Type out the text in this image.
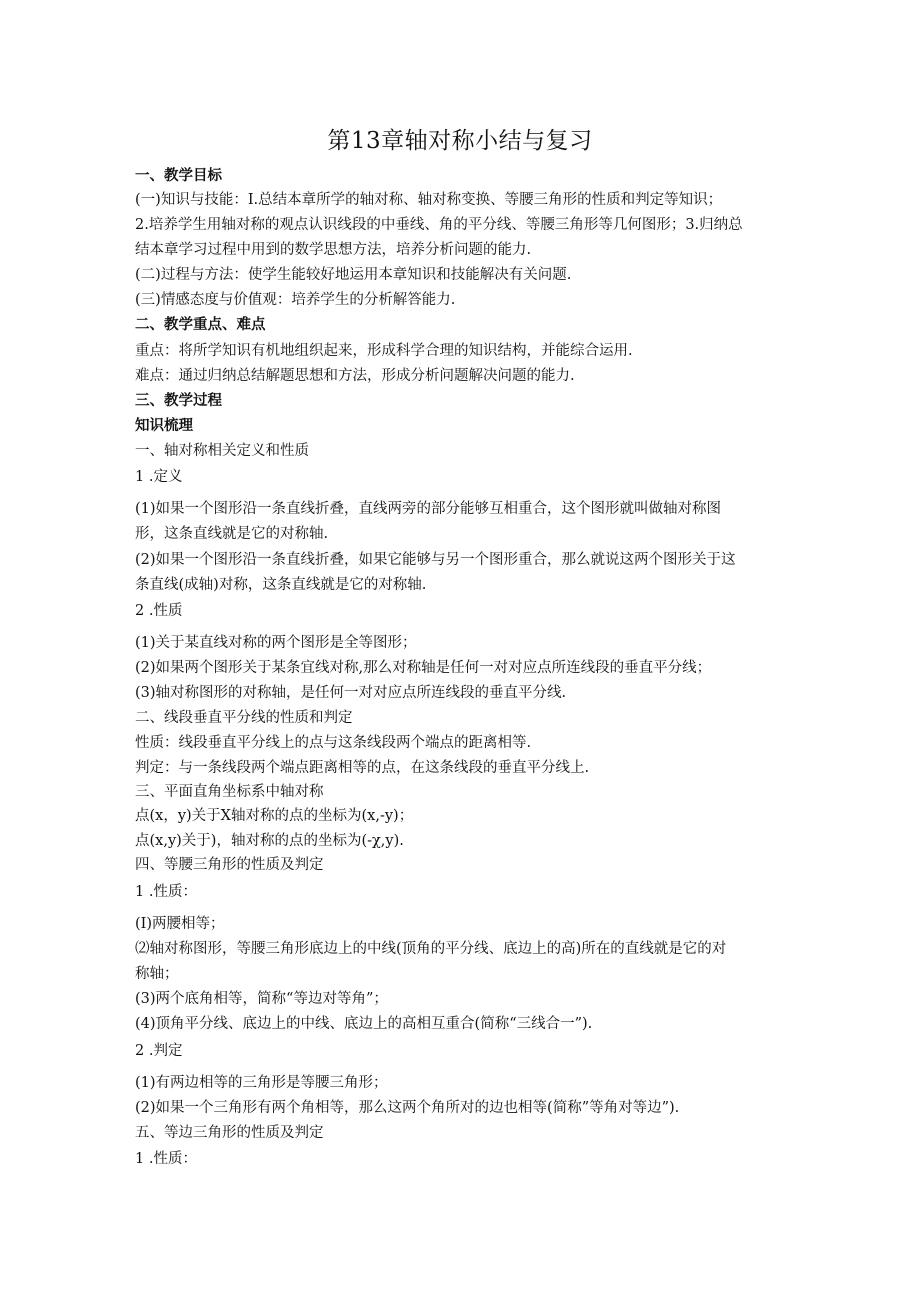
第13章轴对称小结与复习
一、教学目标
(一)知识与技能：I.总结本章所学的轴对称、轴对称变换、等腰三角形的性质和判定等知识；
2.培养学生用轴对称的观点认识线段的中垂线、角的平分线、等腰三角形等几何图形；3.归纳总
结本章学习过程中用到的数学思想方法，培养分析问题的能力.
(二)过程与方法：使学生能较好地运用本章知识和技能解决有关问题.
(三)情感态度与价值观：培养学生的分析解答能力.
二、教学重点、难点
重点：将所学知识有机地组织起来，形成科学合理的知识结构，并能综合运用.
难点：通过归纳总结解题思想和方法，形成分析问题解决问题的能力.
三、教学过程
知识梳理
一、轴对称相关定义和性质
1 .定义
(1)如果一个图形沿一条直线折叠，直线两旁的部分能够互相重合，这个图形就叫做轴对称图
形，这条直线就是它的对称轴.
(2)如果一个图形沿一条直线折叠，如果它能够与另一个图形重合，那么就说这两个图形关于这
条直线(成轴)对称，这条直线就是它的对称轴.
2 .性质
(1)关于某直线对称的两个图形是全等图形；
(2)如果两个图形关于某条宜线对称,那么对称轴是任何一对对应点所连线段的垂直平分线；
(3)轴对称图形的对称轴，是任何一对对应点所连线段的垂直平分线.
二、线段垂直平分线的性质和判定
性质：线段垂直平分线上的点与这条线段两个端点的距离相等.
判定：与一条线段两个端点距离相等的点，在这条线段的垂直平分线上.
三、平面直角坐标系中轴对称
点(x，y)关于X轴对称的点的坐标为(x,-y)；
点(x,y)关于)，轴对称的点的坐标为(-χ,y).
四、等腰三角形的性质及判定
1 .性质：
(I)两腰相等；
⑵轴对称图形，等腰三角形底边上的中线(顶角的平分线、底边上的高)所在的直线就是它的对
称轴；
(3)两个底角相等，简称“等边对等角”；
(4)顶角平分线、底边上的中线、底边上的高相互重合(简称“三线合一”).
2 .判定
(1)有两边相等的三角形是等腰三角形；
(2)如果一个三角形有两个角相等，那么这两个角所对的边也相等(简称”等角对等边”).
五、等边三角形的性质及判定
1 .性质：
